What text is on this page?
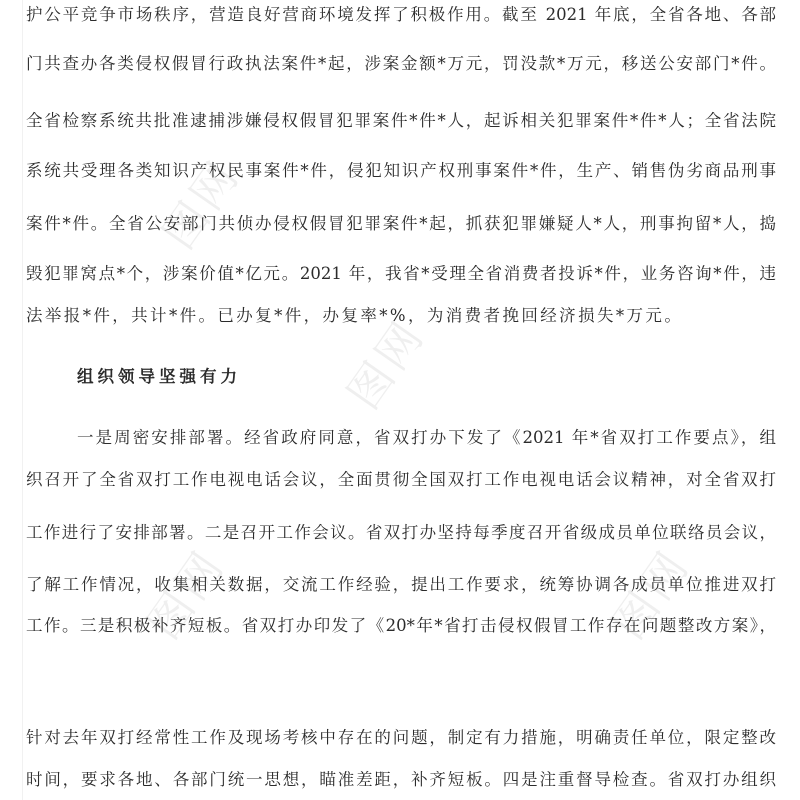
图网
图网
图网	图网
护公平竞争市场秩序，营造良好营商环境发挥了积极作用。截至 2021 年底，全省各地、各部
门共查办各类侵权假冒行政执法案件*起，涉案金额*万元，罚没款*万元，移送公安部门*件。
全省检察系统共批准逮捕涉嫌侵权假冒犯罪案件*件*人，起诉相关犯罪案件*件*人；全省法院
系统共受理各类知识产权民事案件*件，侵犯知识产权刑事案件*件，生产、销售伪劣商品刑事
案件*件。全省公安部门共侦办侵权假冒犯罪案件*起，抓获犯罪嫌疑人*人，刑事拘留*人，捣
毁犯罪窝点*个，涉案价值*亿元。2021 年，我省*受理全省消费者投诉*件，业务咨询*件，违
法举报*件，共计*件。已办复*件，办复率*%，为消费者挽回经济损失*万元。
组织领导坚强有力
一是周密安排部署。经省政府同意，省双打办下发了《2021 年*省双打工作要点》，组
织召开了全省双打工作电视电话会议，全面贯彻全国双打工作电视电话会议精神，对全省双打
工作进行了安排部署。二是召开工作会议。省双打办坚持每季度召开省级成员单位联络员会议，
了解工作情况，收集相关数据，交流工作经验，提出工作要求，统筹协调各成员单位推进双打
工作。三是积极补齐短板。省双打办印发了《20*年*省打击侵权假冒工作存在问题整改方案》，
针对去年双打经常性工作及现场考核中存在的问题，制定有力措施，明确责任单位，限定整改
时间，要求各地、各部门统一思想，瞄准差距，补齐短板。四是注重督导检查。省双打办组织
